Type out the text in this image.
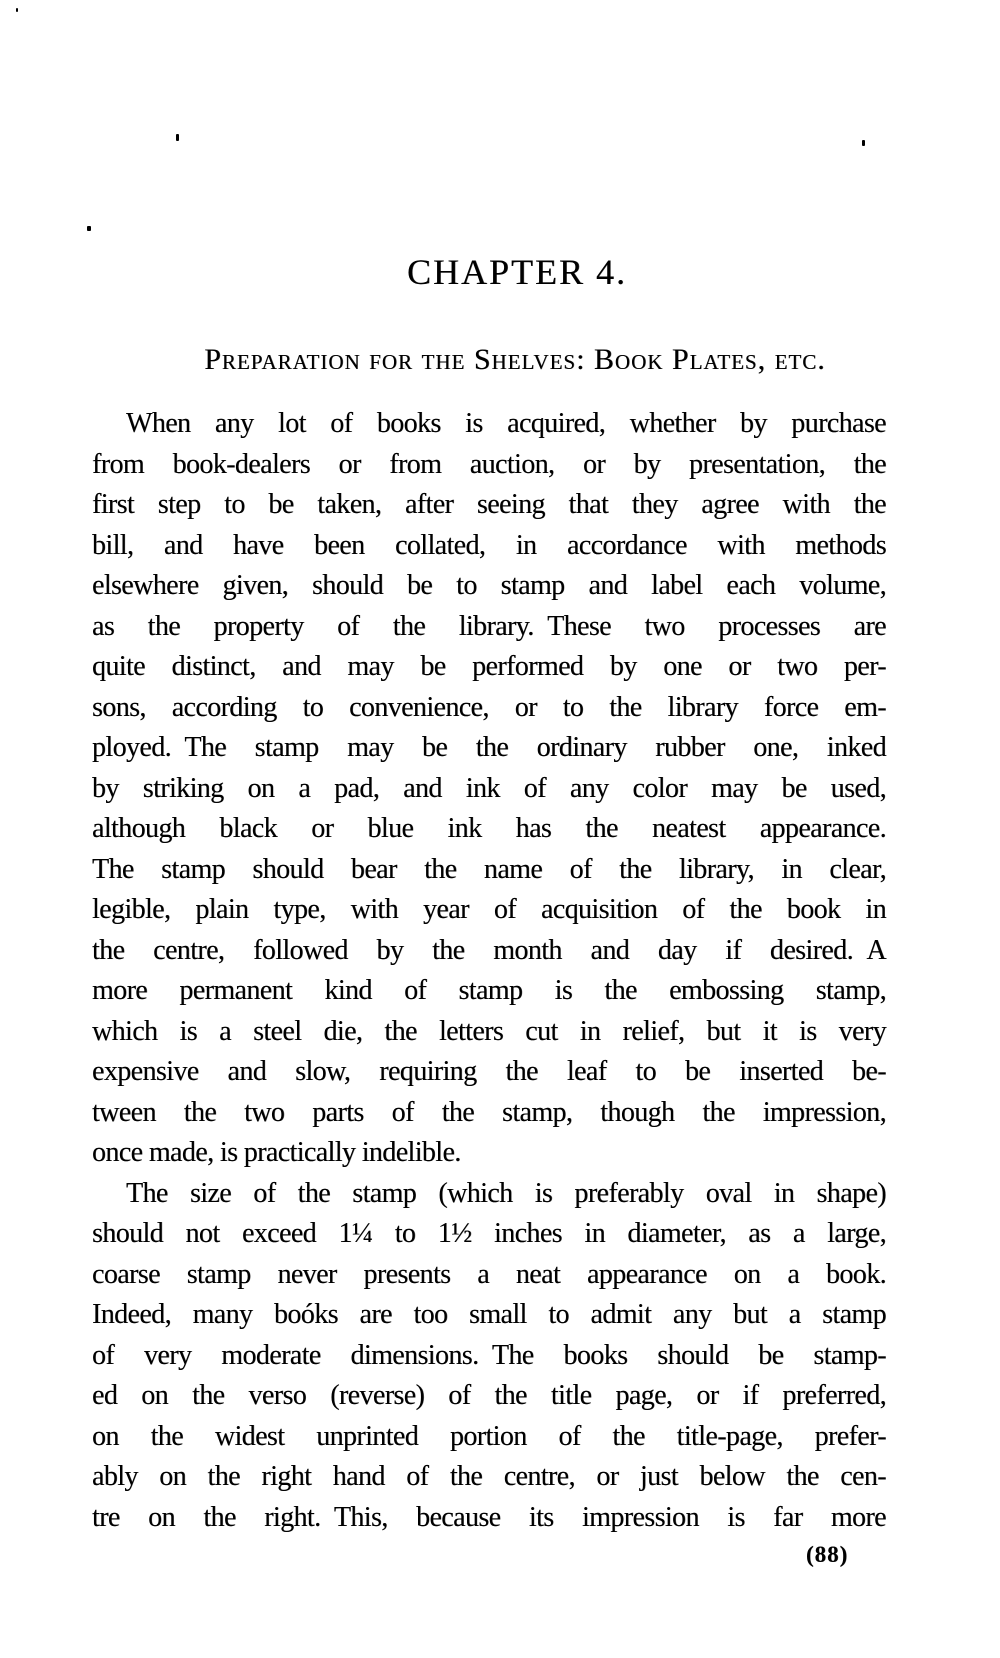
CHAPTER 4.
Preparation for the Shelves: Book Plates, etc.
When any lot of books is acquired, whether by purchase
from book-dealers or from auction, or by presentation, the
first step to be taken, after seeing that they agree with the
bill, and have been collated, in accordance with methods
elsewhere given, should be to stamp and label each volume,
as the property of the library. These two processes are
quite distinct, and may be performed by one or two per-
sons, according to convenience, or to the library force em-
ployed. The stamp may be the ordinary rubber one, inked
by striking on a pad, and ink of any color may be used,
although black or blue ink has the neatest appearance.
The stamp should bear the name of the library, in clear,
legible, plain type, with year of acquisition of the book in
the centre, followed by the month and day if desired. A
more permanent kind of stamp is the embossing stamp,
which is a steel die, the letters cut in relief, but it is very
expensive and slow, requiring the leaf to be inserted be-
tween the two parts of the stamp, though the impression,
once made, is practically indelible.
The size of the stamp (which is preferably oval in shape)
should not exceed 1¼ to 1½ inches in diameter, as a large,
coarse stamp never presents a neat appearance on a book.
Indeed, many boóks are too small to admit any but a stamp
of very moderate dimensions. The books should be stamp-
ed on the verso (reverse) of the title page, or if preferred,
on the widest unprinted portion of the title-page, prefer-
ably on the right hand of the centre, or just below the cen-
tre on the right. This, because its impression is far more
(88)
